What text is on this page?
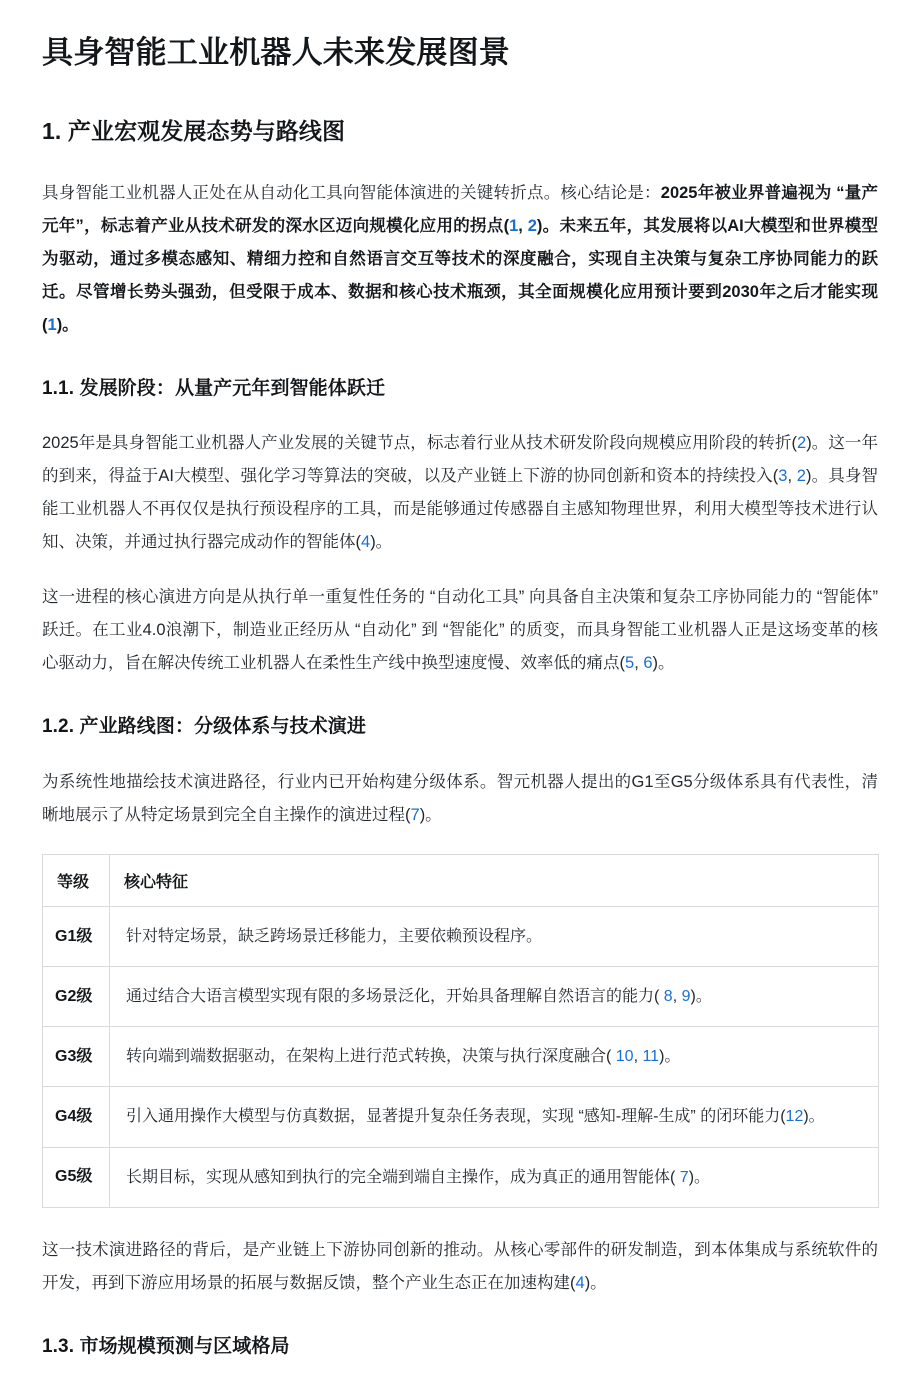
具身智能工业机器人未来发展图景
1. 产业宏观发展态势与路线图

具身智能工业机器人正处在从自动化工具向智能体演进的关键转折点。核心结论是：2025年被业界普遍视为 “量产元年”，标志着产业从技术研发的深水区迈向规模化应用的拐点(1, 2)。未来五年，其发展将以AI大模型和世界模型为驱动，通过多模态感知、精细力控和自然语言交互等技术的深度融合，实现自主决策与复杂工序协同能力的跃迁。尽管增长势头强劲，但受限于成本、数据和核心技术瓶颈，其全面规模化应用预计要到2030年之后才能实现(1)。

1.1. 发展阶段：从量产元年到智能体跃迁

2025年是具身智能工业机器人产业发展的关键节点，标志着行业从技术研发阶段向规模应用阶段的转折(2)。这一年的到来，得益于AI大模型、强化学习等算法的突破，以及产业链上下游的协同创新和资本的持续投入(3, 2)。具身智能工业机器人不再仅仅是执行预设程序的工具，而是能够通过传感器自主感知物理世界，利用大模型等技术进行认知、决策，并通过执行器完成动作的智能体(4)。

这一进程的核心演进方向是从执行单一重复性任务的 “自动化工具” 向具备自主决策和复杂工序协同能力的 “智能体” 跃迁。在工业4.0浪潮下，制造业正经历从 “自动化” 到 “智能化” 的质变，而具身智能工业机器人正是这场变革的核心驱动力，旨在解决传统工业机器人在柔性生产线中换型速度慢、效率低的痛点(5, 6)。

1.2. 产业路线图：分级体系与技术演进

为系统性地描绘技术演进路径，行业内已开始构建分级体系。智元机器人提出的G1至G5分级体系具有代表性，清晰地展示了从特定场景到完全自主操作的演进过程(7)。

等级	核心特征
G1级	针对特定场景，缺乏跨场景迁移能力，主要依赖预设程序。
G2级	通过结合大语言模型实现有限的多场景泛化，开始具备理解自然语言的能力( 8, 9)。
G3级	转向端到端数据驱动，在架构上进行范式转换，决策与执行深度融合( 10, 11)。
G4级	引入通用操作大模型与仿真数据，显著提升复杂任务表现，实现 “感知-理解-生成” 的闭环能力(12)。
G5级	长期目标，实现从感知到执行的完全端到端自主操作，成为真正的通用智能体( 7)。

这一技术演进路径的背后，是产业链上下游协同创新的推动。从核心零部件的研发制造，到本体集成与系统软件的开发，再到下游应用场景的拓展与数据反馈，整个产业生态正在加速构建(4)。

1.3. 市场规模预测与区域格局
